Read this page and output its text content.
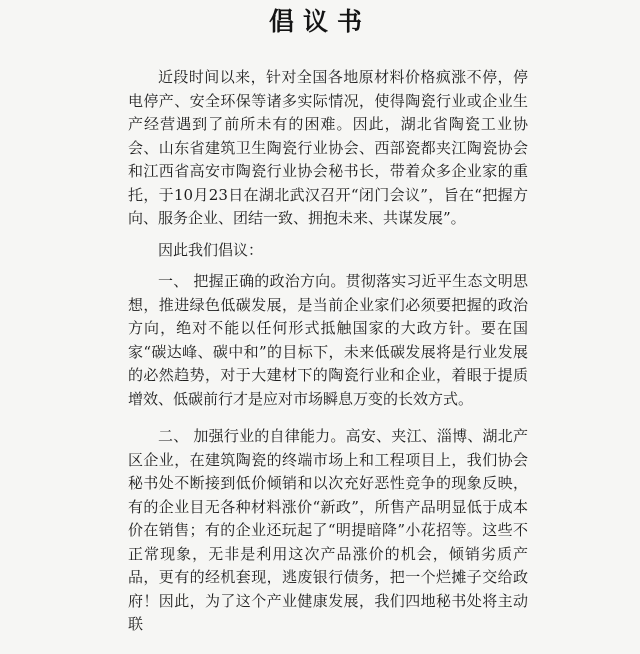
倡议书

近段时间以来，针对全国各地原材料价格疯涨不停，停电停产、安全环保等诸多实际情况，使得陶瓷行业或企业生产经营遇到了前所未有的困难。因此，湖北省陶瓷工业协会、山东省建筑卫生陶瓷行业协会、西部瓷都夹江陶瓷协会和江西省高安市陶瓷行业协会秘书长，带着众多企业家的重托，于10月23日在湖北武汉召开“闭门会议”，旨在“把握方向、服务企业、团结一致、拥抱未来、共谋发展”。

因此我们倡议：

一、 把握正确的政治方向。贯彻落实习近平生态文明思想，推进绿色低碳发展，是当前企业家们必须要把握的政治方向，绝对不能以任何形式抵触国家的大政方针。要在国家“碳达峰、碳中和”的目标下，未来低碳发展将是行业发展的必然趋势，对于大建材下的陶瓷行业和企业，着眼于提质增效、低碳前行才是应对市场瞬息万变的长效方式。

二、 加强行业的自律能力。高安、夹江、淄博、湖北产区企业，在建筑陶瓷的终端市场上和工程项目上，我们协会秘书处不断接到低价倾销和以次充好恶性竞争的现象反映，有的企业目无各种材料涨价“新政”，所售产品明显低于成本价在销售；有的企业还玩起了“明提暗降”小花招等。这些不正常现象，无非是利用这次产品涨价的机会，倾销劣质产品，更有的经机套现，逃废银行债务，把一个烂摊子交给政府！因此，为了这个产业健康发展，我们四地秘书处将主动联
